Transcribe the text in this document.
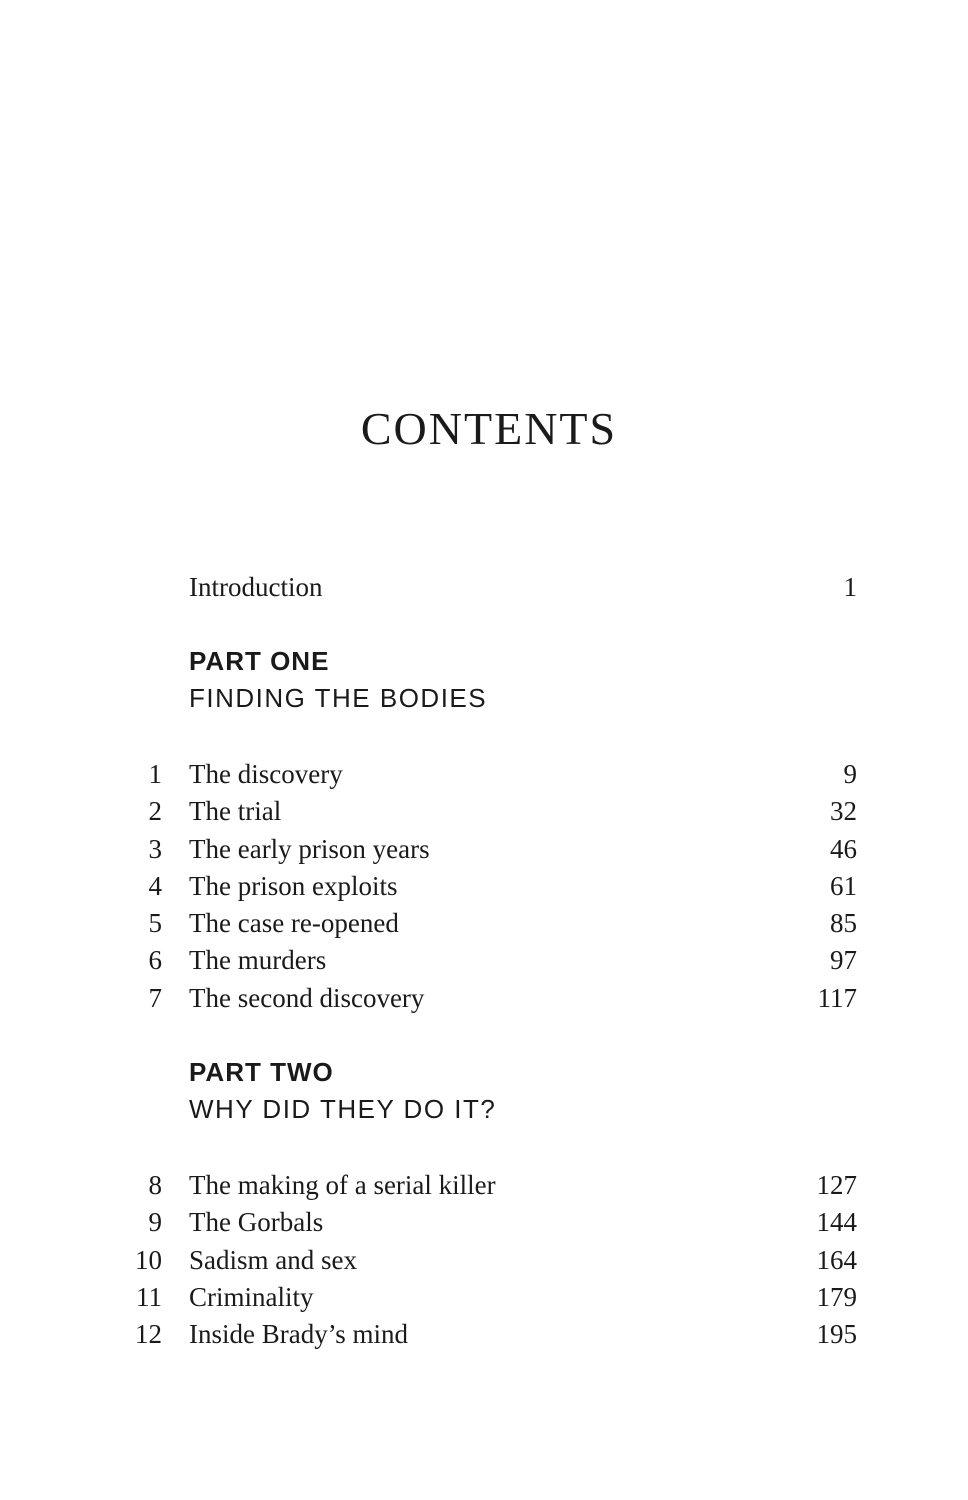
CONTENTS
Introduction	1
PART ONE
FINDING THE BODIES
1 The discovery	9
2 The trial	32
3 The early prison years	46
4 The prison exploits	61
5 The case re-opened	85
6 The murders	97
7 The second discovery	117
PART TWO
WHY DID THEY DO IT?
8 The making of a serial killer	127
9 The Gorbals	144
10 Sadism and sex	164
11 Criminality	179
12 Inside Brady’s mind	195
